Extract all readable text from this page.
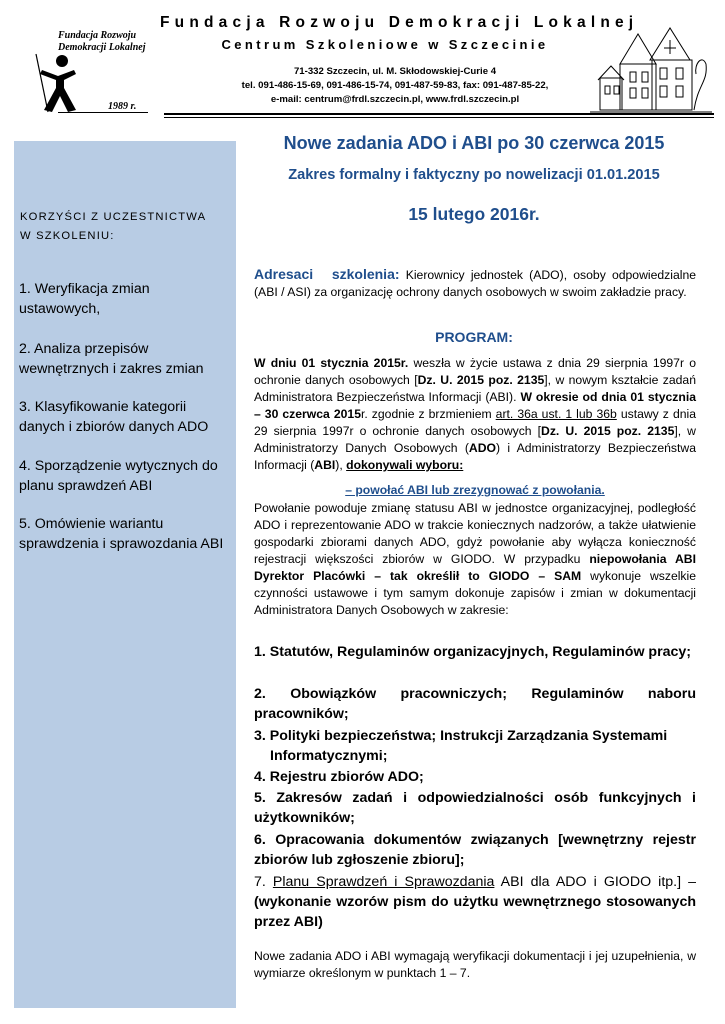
Fundacja Rozwoju
Demokracji Lokalnej
1989 r.
Fundacja Rozwoju Demokracji Lokalnej
Centrum Szkoleniowe w Szczecinie
71-332 Szczecin, ul. M. Skłodowskiej-Curie 4
tel. 091-486-15-69, 091-486-15-74, 091-487-59-83, fax: 091-487-85-22,
e-mail: centrum@frdl.szczecin.pl, www.frdl.szczecin.pl
KORZYŚCI Z UCZESTNICTWA
W SZKOLENIU:
1. Weryfikacja zmian ustawowych,
2. Analiza przepisów wewnętrznych i zakres zmian
3. Klasyfikowanie kategorii danych i zbiorów danych ADO
4. Sporządzenie wytycznych do planu sprawdzeń ABI
5. Omówienie wariantu sprawdzenia i sprawozdania ABI
Nowe zadania ADO i ABI po 30 czerwca 2015
Zakres formalny i faktyczny po nowelizacji 01.01.2015
15 lutego 2016r.
Adresaci szkolenia: Kierownicy jednostek (ADO), osoby odpowiedzialne (ABI / ASI) za organizację ochrony danych osobowych w swoim zakładzie pracy.
PROGRAM:
W dniu 01 stycznia 2015r. weszła w życie ustawa z dnia 29 sierpnia 1997r o ochronie danych osobowych [Dz. U. 2015 poz. 2135], w nowym kształcie zadań Administratora Bezpieczeństwa Informacji (ABI). W okresie od dnia 01 stycznia – 30 czerwca 2015r. zgodnie z brzmieniem art. 36a ust. 1 lub 36b ustawy z dnia 29 sierpnia 1997r o ochronie danych osobowych [Dz. U. 2015 poz. 2135], w Administratorzy Danych Osobowych (ADO) i Administratorzy Bezpieczeństwa Informacji (ABI), dokonywali wyboru:
– powołać ABI lub zrezygnować z powołania.
Powołanie powoduje zmianę statusu ABI w jednostce organizacyjnej, podległość ADO i reprezentowanie ADO w trakcie koniecznych nadzorów, a także ułatwienie gospodarki zbiorami danych ADO, gdyż powołanie aby wyłącza konieczność rejestracji większości zbiorów w GIODO. W przypadku niepowołania ABI Dyrektor Placówki – tak określił to GIODO – SAM wykonuje wszelkie czynności ustawowe i tym samym dokonuje zapisów i zmian w dokumentacji Administratora Danych Osobowych w zakresie:
1. Statutów, Regulaminów organizacyjnych, Regulaminów pracy;
2. Obowiązków pracowniczych; Regulaminów naboru pracowników;
3. Polityki bezpieczeństwa; Instrukcji Zarządzania Systemami
Informatycznymi;
4. Rejestru zbiorów ADO;
5. Zakresów zadań i odpowiedzialności osób funkcyjnych i użytkowników;
6. Opracowania dokumentów związanych [wewnętrzny rejestr zbiorów lub zgłoszenie zbioru];
7. Planu Sprawdzeń i Sprawozdania ABI dla ADO i GIODO itp.] – (wykonanie wzorów pism do użytku wewnętrznego stosowanych przez ABI)
Nowe zadania ADO i ABI wymagają weryfikacji dokumentacji i jej uzupełnienia, w wymiarze określonym w punktach 1 – 7.
